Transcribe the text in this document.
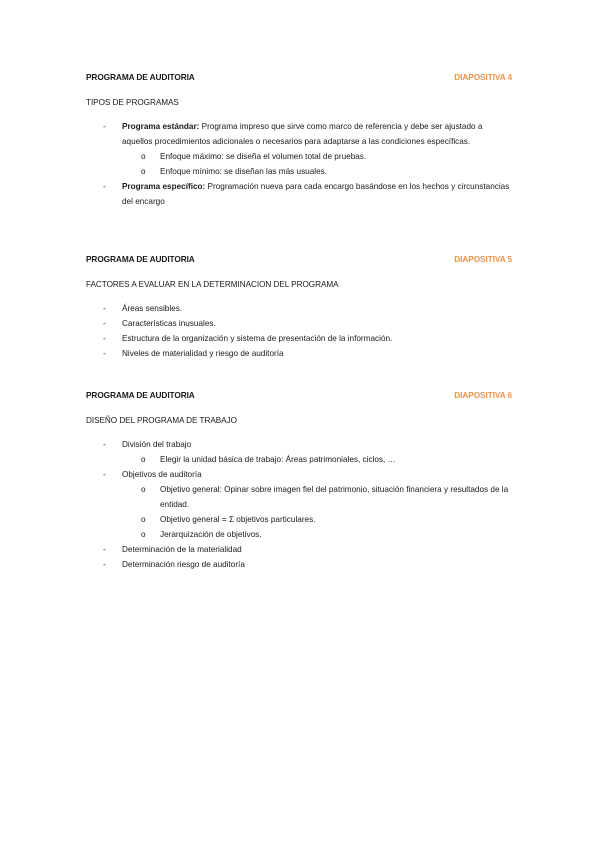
PROGRAMA DE AUDITORIA	DIAPOSITIVA 4
TIPOS DE PROGRAMAS
- Programa estándar: Programa impreso que sirve como marco de referencia y debe ser ajustado a aquellos procedimientos adicionales o necesarios para adaptarse a las condiciones específicas.
o Enfoque máximo: se diseña el volumen total de pruebas.
o Enfoque mínimo: se diseñan las más usuales.
- Programa específico: Programación nueva para cada encargo basándose en los hechos y circunstancias del encargo
PROGRAMA DE AUDITORIA	DIAPOSITIVA 5
FACTORES A EVALUAR EN LA DETERMINACION DEL PROGRAMA
- Áreas sensibles.
- Características inusuales.
- Estructura de la organización y sistema de presentación de la información.
- Niveles de materialidad y riesgo de auditoría
PROGRAMA DE AUDITORIA	DIAPOSITIVA 6
DISEÑO DEL PROGRAMA DE TRABAJO
- División del trabajo
o Elegir la unidad básica de trabajo: Áreas patrimoniales, ciclos, …
- Objetivos de auditoría
o Objetivo general: Opinar sobre imagen fiel del patrimonio, situación financiera y resultados de la entidad.
o Objetivo general = Σ objetivos particulares.
o Jerarquización de objetivos.
- Determinación de la materialidad
- Determinación riesgo de auditoría
